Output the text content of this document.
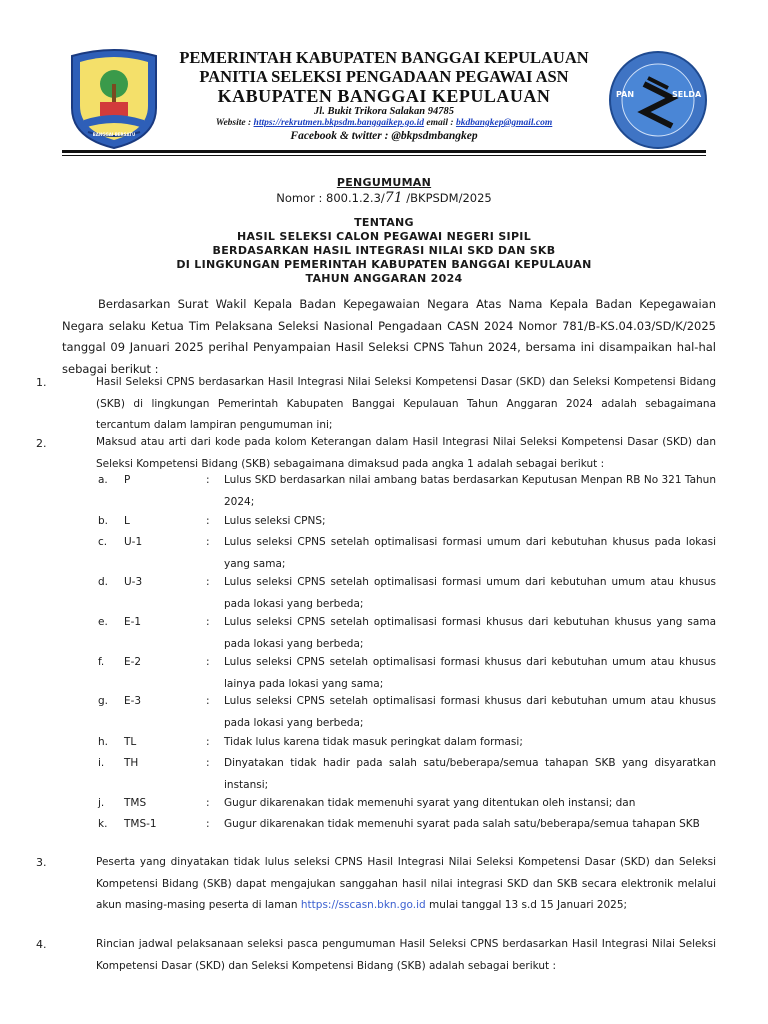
BANGGAI BERSATU
PEMERINTAH KABUPATEN BANGGAI KEPULAUAN
PANITIA SELEKSI PENGADAAN PEGAWAI ASN
KABUPATEN BANGGAI KEPULAUAN
Jl. Bukit Trikora Salakan 94785
Website : https://rekrutmen.bkpsdm.banggaikep.go.id email : bkdbangkep@gmail.com
Facebook & twitter : @bkpsdmbangkep
PAN	SELDA
PENGUMUMAN
Nomor : 800.1.2.3/71 /BKPSDM/2025
TENTANG
HASIL SELEKSI CALON PEGAWAI NEGERI SIPIL
BERDASARKAN HASIL INTEGRASI NILAI SKD DAN SKB
DI LINGKUNGAN PEMERINTAH KABUPATEN BANGGAI KEPULAUAN
TAHUN ANGGARAN 2024

Berdasarkan Surat Wakil Kepala Badan Kepegawaian Negara Atas Nama Kepala Badan Kepegawaian Negara selaku Ketua Tim Pelaksana Seleksi Nasional Pengadaan CASN 2024 Nomor 781/B-KS.04.03/SD/K/2025 tanggal 09 Januari 2025 perihal Penyampaian Hasil Seleksi CPNS Tahun 2024, bersama ini disampaikan hal-hal sebagai berikut :

1.	Hasil Seleksi CPNS berdasarkan Hasil Integrasi Nilai Seleksi Kompetensi Dasar (SKD) dan Seleksi Kompetensi Bidang (SKB) di lingkungan Pemerintah Kabupaten Banggai Kepulauan Tahun Anggaran 2024 adalah sebagaimana tercantum dalam lampiran pengumuman ini;
2.	Maksud atau arti dari kode pada kolom Keterangan dalam Hasil Integrasi Nilai Seleksi Kompetensi Dasar (SKD) dan Seleksi Kompetensi Bidang (SKB) sebagaimana dimaksud pada angka 1 adalah sebagai berikut :
a. P	: Lulus SKD berdasarkan nilai ambang batas berdasarkan Keputusan Menpan RB No 321 Tahun 2024;
b. L	: Lulus seleksi CPNS;
c. U-1	: Lulus seleksi CPNS setelah optimalisasi formasi umum dari kebutuhan khusus pada lokasi yang sama;
d. U-3	: Lulus seleksi CPNS setelah optimalisasi formasi umum dari kebutuhan umum atau khusus pada lokasi yang berbeda;
e. E-1	: Lulus seleksi CPNS setelah optimalisasi formasi khusus dari kebutuhan khusus yang sama pada lokasi yang berbeda;
f. E-2	: Lulus seleksi CPNS setelah optimalisasi formasi khusus dari kebutuhan umum atau khusus lainya pada lokasi yang sama;
g. E-3	: Lulus seleksi CPNS setelah optimalisasi formasi khusus dari kebutuhan umum atau khusus pada lokasi yang berbeda;
h. TL	: Tidak lulus karena tidak masuk peringkat dalam formasi;
i. TH	: Dinyatakan tidak hadir pada salah satu/beberapa/semua tahapan SKB yang disyaratkan instansi;
j. TMS	: Gugur dikarenakan tidak memenuhi syarat yang ditentukan oleh instansi; dan
k. TMS-1	: Gugur dikarenakan tidak memenuhi syarat pada salah satu/beberapa/semua tahapan SKB
3.	Peserta yang dinyatakan tidak lulus seleksi CPNS Hasil Integrasi Nilai Seleksi Kompetensi Dasar (SKD) dan Seleksi Kompetensi Bidang (SKB) dapat mengajukan sanggahan hasil nilai integrasi SKD dan SKB secara elektronik melalui akun masing-masing peserta di laman https://sscasn.bkn.go.id mulai tanggal 13 s.d 15 Januari 2025;
4.	Rincian jadwal pelaksanaan seleksi pasca pengumuman Hasil Seleksi CPNS berdasarkan Hasil Integrasi Nilai Seleksi Kompetensi Dasar (SKD) dan Seleksi Kompetensi Bidang (SKB) adalah sebagai berikut :
